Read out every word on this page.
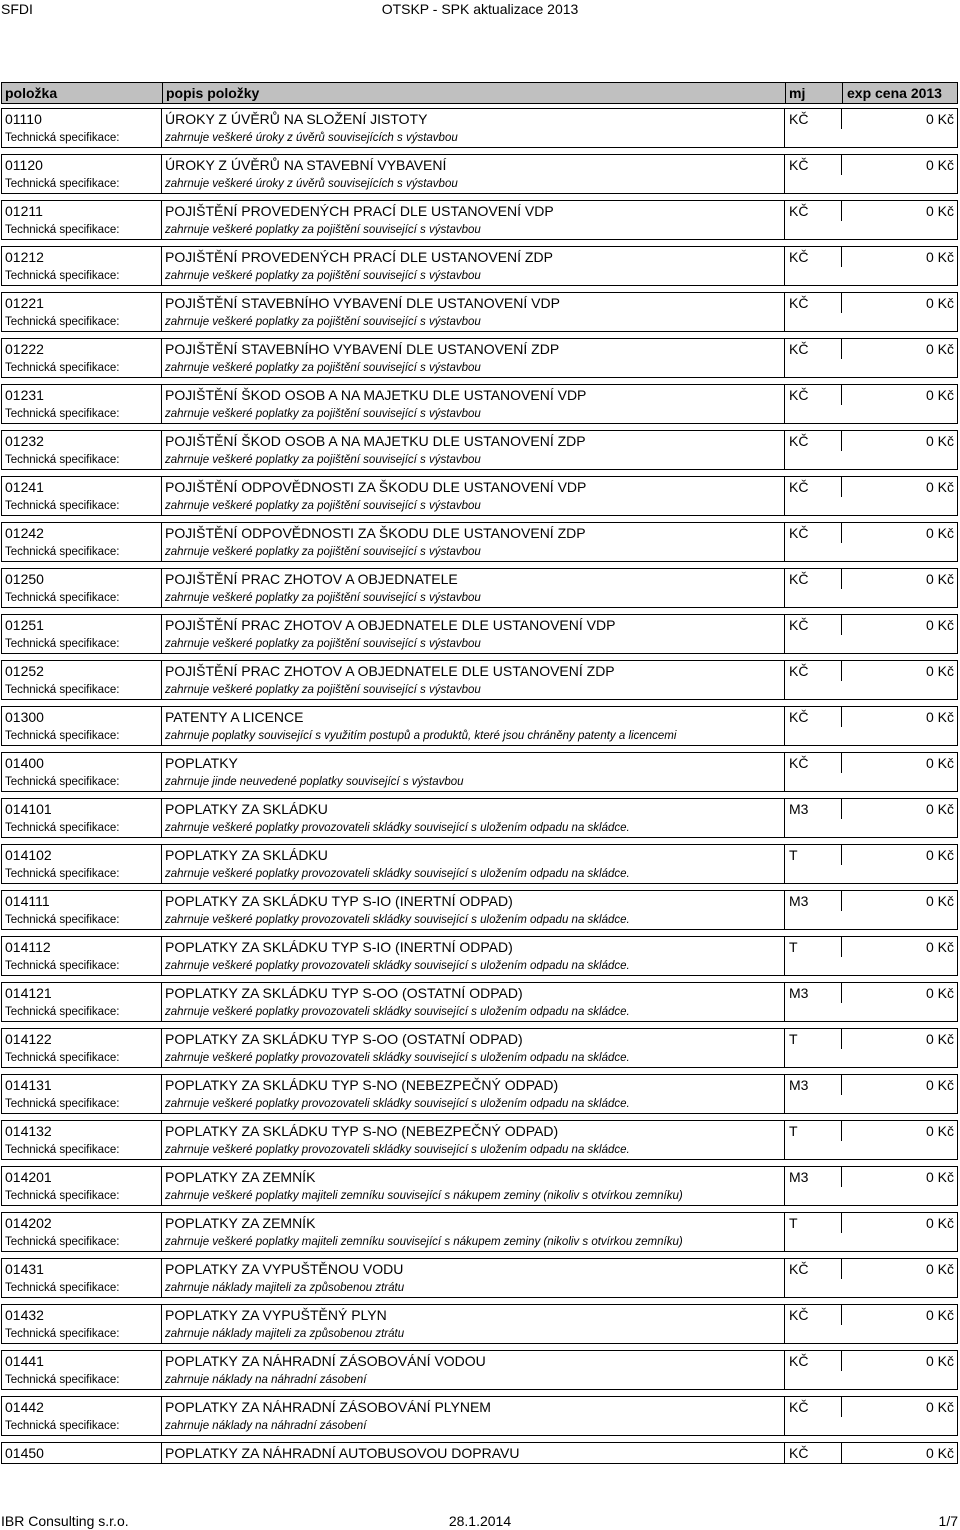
SFDI	OTSKP - SPK aktualizace 2013
položka	popis položky	mj	exp cena 2013
01110	ÚROKY Z ÚVĚRŮ NA SLOŽENÍ JISTOTY	KČ	0 Kč
Technická specifikace:	zahrnuje veškeré úroky z úvěrů souvisejících s výstavbou
01120	ÚROKY Z ÚVĚRŮ NA STAVEBNÍ VYBAVENÍ	KČ	0 Kč
Technická specifikace:	zahrnuje veškeré úroky z úvěrů souvisejících s výstavbou
01211	POJIŠTĚNÍ PROVEDENÝCH PRACÍ DLE USTANOVENÍ VDP	KČ	0 Kč
Technická specifikace:	zahrnuje veškeré poplatky za pojištění související s výstavbou
01212	POJIŠTĚNÍ PROVEDENÝCH PRACÍ DLE USTANOVENÍ ZDP	KČ	0 Kč
Technická specifikace:	zahrnuje veškeré poplatky za pojištění související s výstavbou
01221	POJIŠTĚNÍ STAVEBNÍHO VYBAVENÍ DLE USTANOVENÍ VDP	KČ	0 Kč
Technická specifikace:	zahrnuje veškeré poplatky za pojištění související s výstavbou
01222	POJIŠTĚNÍ STAVEBNÍHO VYBAVENÍ DLE USTANOVENÍ ZDP	KČ	0 Kč
Technická specifikace:	zahrnuje veškeré poplatky za pojištění související s výstavbou
01231	POJIŠTĚNÍ ŠKOD OSOB A NA MAJETKU DLE USTANOVENÍ VDP	KČ	0 Kč
Technická specifikace:	zahrnuje veškeré poplatky za pojištění související s výstavbou
01232	POJIŠTĚNÍ ŠKOD OSOB A NA MAJETKU DLE USTANOVENÍ ZDP	KČ	0 Kč
Technická specifikace:	zahrnuje veškeré poplatky za pojištění související s výstavbou
01241	POJIŠTĚNÍ ODPOVĚDNOSTI ZA ŠKODU DLE USTANOVENÍ VDP	KČ	0 Kč
Technická specifikace:	zahrnuje veškeré poplatky za pojištění související s výstavbou
01242	POJIŠTĚNÍ ODPOVĚDNOSTI ZA ŠKODU DLE USTANOVENÍ ZDP	KČ	0 Kč
Technická specifikace:	zahrnuje veškeré poplatky za pojištění související s výstavbou
01250	POJIŠTĚNÍ PRAC ZHOTOV A OBJEDNATELE	KČ	0 Kč
Technická specifikace:	zahrnuje veškeré poplatky za pojištění související s výstavbou
01251	POJIŠTĚNÍ PRAC ZHOTOV A OBJEDNATELE DLE USTANOVENÍ VDP	KČ	0 Kč
Technická specifikace:	zahrnuje veškeré poplatky za pojištění související s výstavbou
01252	POJIŠTĚNÍ PRAC ZHOTOV A OBJEDNATELE DLE USTANOVENÍ ZDP	KČ	0 Kč
Technická specifikace:	zahrnuje veškeré poplatky za pojištění související s výstavbou
01300	PATENTY A LICENCE	KČ	0 Kč
Technická specifikace:	zahrnuje poplatky související s využitím postupů a produktů, které jsou chráněny patenty a licencemi
01400	POPLATKY	KČ	0 Kč
Technická specifikace:	zahrnuje jinde neuvedené poplatky související s výstavbou
014101	POPLATKY ZA SKLÁDKU	M3	0 Kč
Technická specifikace:	zahrnuje veškeré poplatky provozovateli skládky související s uložením odpadu na skládce.
014102	POPLATKY ZA SKLÁDKU	T	0 Kč
Technická specifikace:	zahrnuje veškeré poplatky provozovateli skládky související s uložením odpadu na skládce.
014111	POPLATKY ZA SKLÁDKU TYP S-IO (INERTNÍ ODPAD)	M3	0 Kč
Technická specifikace:	zahrnuje veškeré poplatky provozovateli skládky související s uložením odpadu na skládce.
014112	POPLATKY ZA SKLÁDKU TYP S-IO (INERTNÍ ODPAD)	T	0 Kč
Technická specifikace:	zahrnuje veškeré poplatky provozovateli skládky související s uložením odpadu na skládce.
014121	POPLATKY ZA SKLÁDKU TYP S-OO (OSTATNÍ ODPAD)	M3	0 Kč
Technická specifikace:	zahrnuje veškeré poplatky provozovateli skládky související s uložením odpadu na skládce.
014122	POPLATKY ZA SKLÁDKU TYP S-OO (OSTATNÍ ODPAD)	T	0 Kč
Technická specifikace:	zahrnuje veškeré poplatky provozovateli skládky související s uložením odpadu na skládce.
014131	POPLATKY ZA SKLÁDKU TYP S-NO (NEBEZPEČNÝ ODPAD)	M3	0 Kč
Technická specifikace:	zahrnuje veškeré poplatky provozovateli skládky související s uložením odpadu na skládce.
014132	POPLATKY ZA SKLÁDKU TYP S-NO (NEBEZPEČNÝ ODPAD)	T	0 Kč
Technická specifikace:	zahrnuje veškeré poplatky provozovateli skládky související s uložením odpadu na skládce.
014201	POPLATKY ZA ZEMNÍK	M3	0 Kč
Technická specifikace:	zahrnuje veškeré poplatky majiteli zemníku související s nákupem zeminy (nikoliv s otvírkou zemníku)
014202	POPLATKY ZA ZEMNÍK	T	0 Kč
Technická specifikace:	zahrnuje veškeré poplatky majiteli zemníku související s nákupem zeminy (nikoliv s otvírkou zemníku)
01431	POPLATKY ZA VYPUŠTĚNOU VODU	KČ	0 Kč
Technická specifikace:	zahrnuje náklady majiteli za způsobenou ztrátu
01432	POPLATKY ZA VYPUŠTĚNÝ PLYN	KČ	0 Kč
Technická specifikace:	zahrnuje náklady majiteli za způsobenou ztrátu
01441	POPLATKY ZA NÁHRADNÍ ZÁSOBOVÁNÍ VODOU	KČ	0 Kč
Technická specifikace:	zahrnuje náklady na náhradní zásobení
01442	POPLATKY ZA NÁHRADNÍ ZÁSOBOVÁNÍ PLYNEM	KČ	0 Kč
Technická specifikace:	zahrnuje náklady na náhradní zásobení
01450	POPLATKY ZA NÁHRADNÍ AUTOBUSOVOU DOPRAVU	KČ	0 Kč
IBR Consulting s.r.o.	28.1.2014	1/7
